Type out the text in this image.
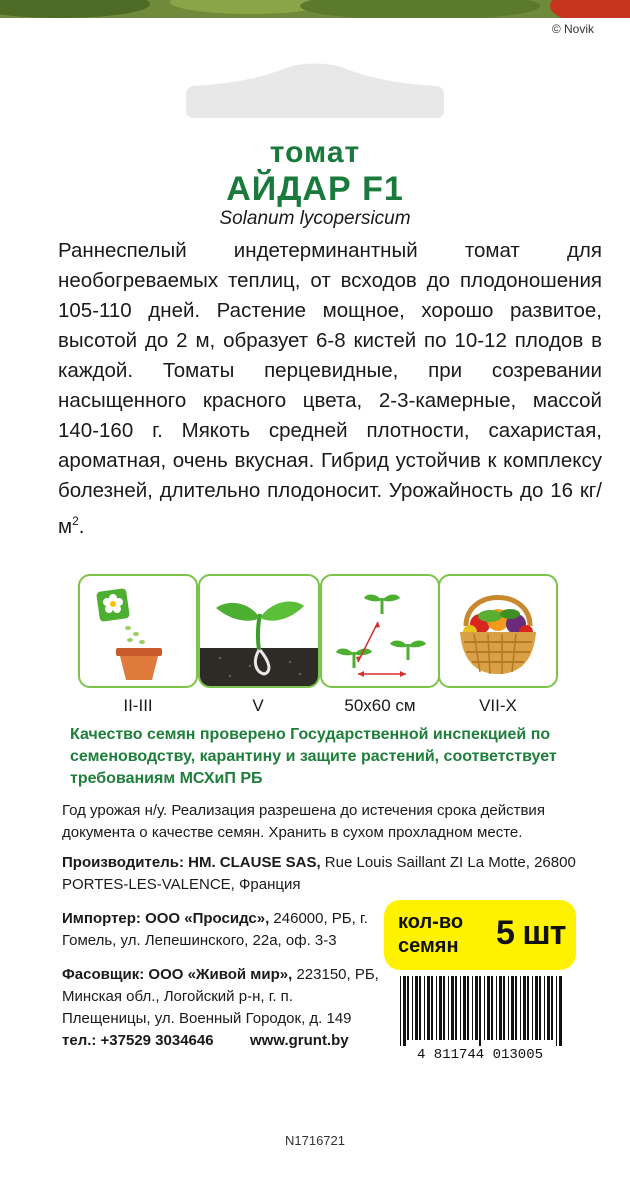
© Novik
томат
АЙДАР F1
Solanum lycopersicum
Раннеспелый индетерминантный томат для необогреваемых теплиц, от всходов до плодоношения 105-110 дней. Растение мощное, хорошо развитое, высотой до 2 м, образует 6-8 кистей по 10-12 плодов в каждой. Томаты перцевидные, при созревании насыщенного красного цвета, 2-3-камерные, массой 140-160 г. Мякоть средней плотности, сахаристая, ароматная, очень вкусная. Гибрид устойчив к комплексу болезней, длительно плодоносит. Урожайность до 16 $кг/м^2$.
II-III	V	50х60 см	VII-X
Качество семян проверено Государственной инспекцией по семеноводству, карантину и защите растений, соответствует требованиям МСХиП РБ
Год урожая н/у. Реализация разрешена до истечения срока действия документа о качестве семян. Хранить в сухом прохладном месте.
Производитель: HM. CLAUSE SAS, Rue Louis Saillant ZI La Motte, 26800 PORTES-LES-VALENCE, Франция
Импортер: ООО «Просидс», 246000, РБ, г. Гомель, ул. Лепешинского, 22а, оф. 3-3
Фасовщик: ООО «Живой мир», 223150, РБ, Минская обл., Логойский р-н, г. п. Плещеницы, ул. Военный Городок, д. 149
тел.: +37529 3034646 www.grunt.by
кол-во семян	5 шт
4 811744 013005
N1716721
